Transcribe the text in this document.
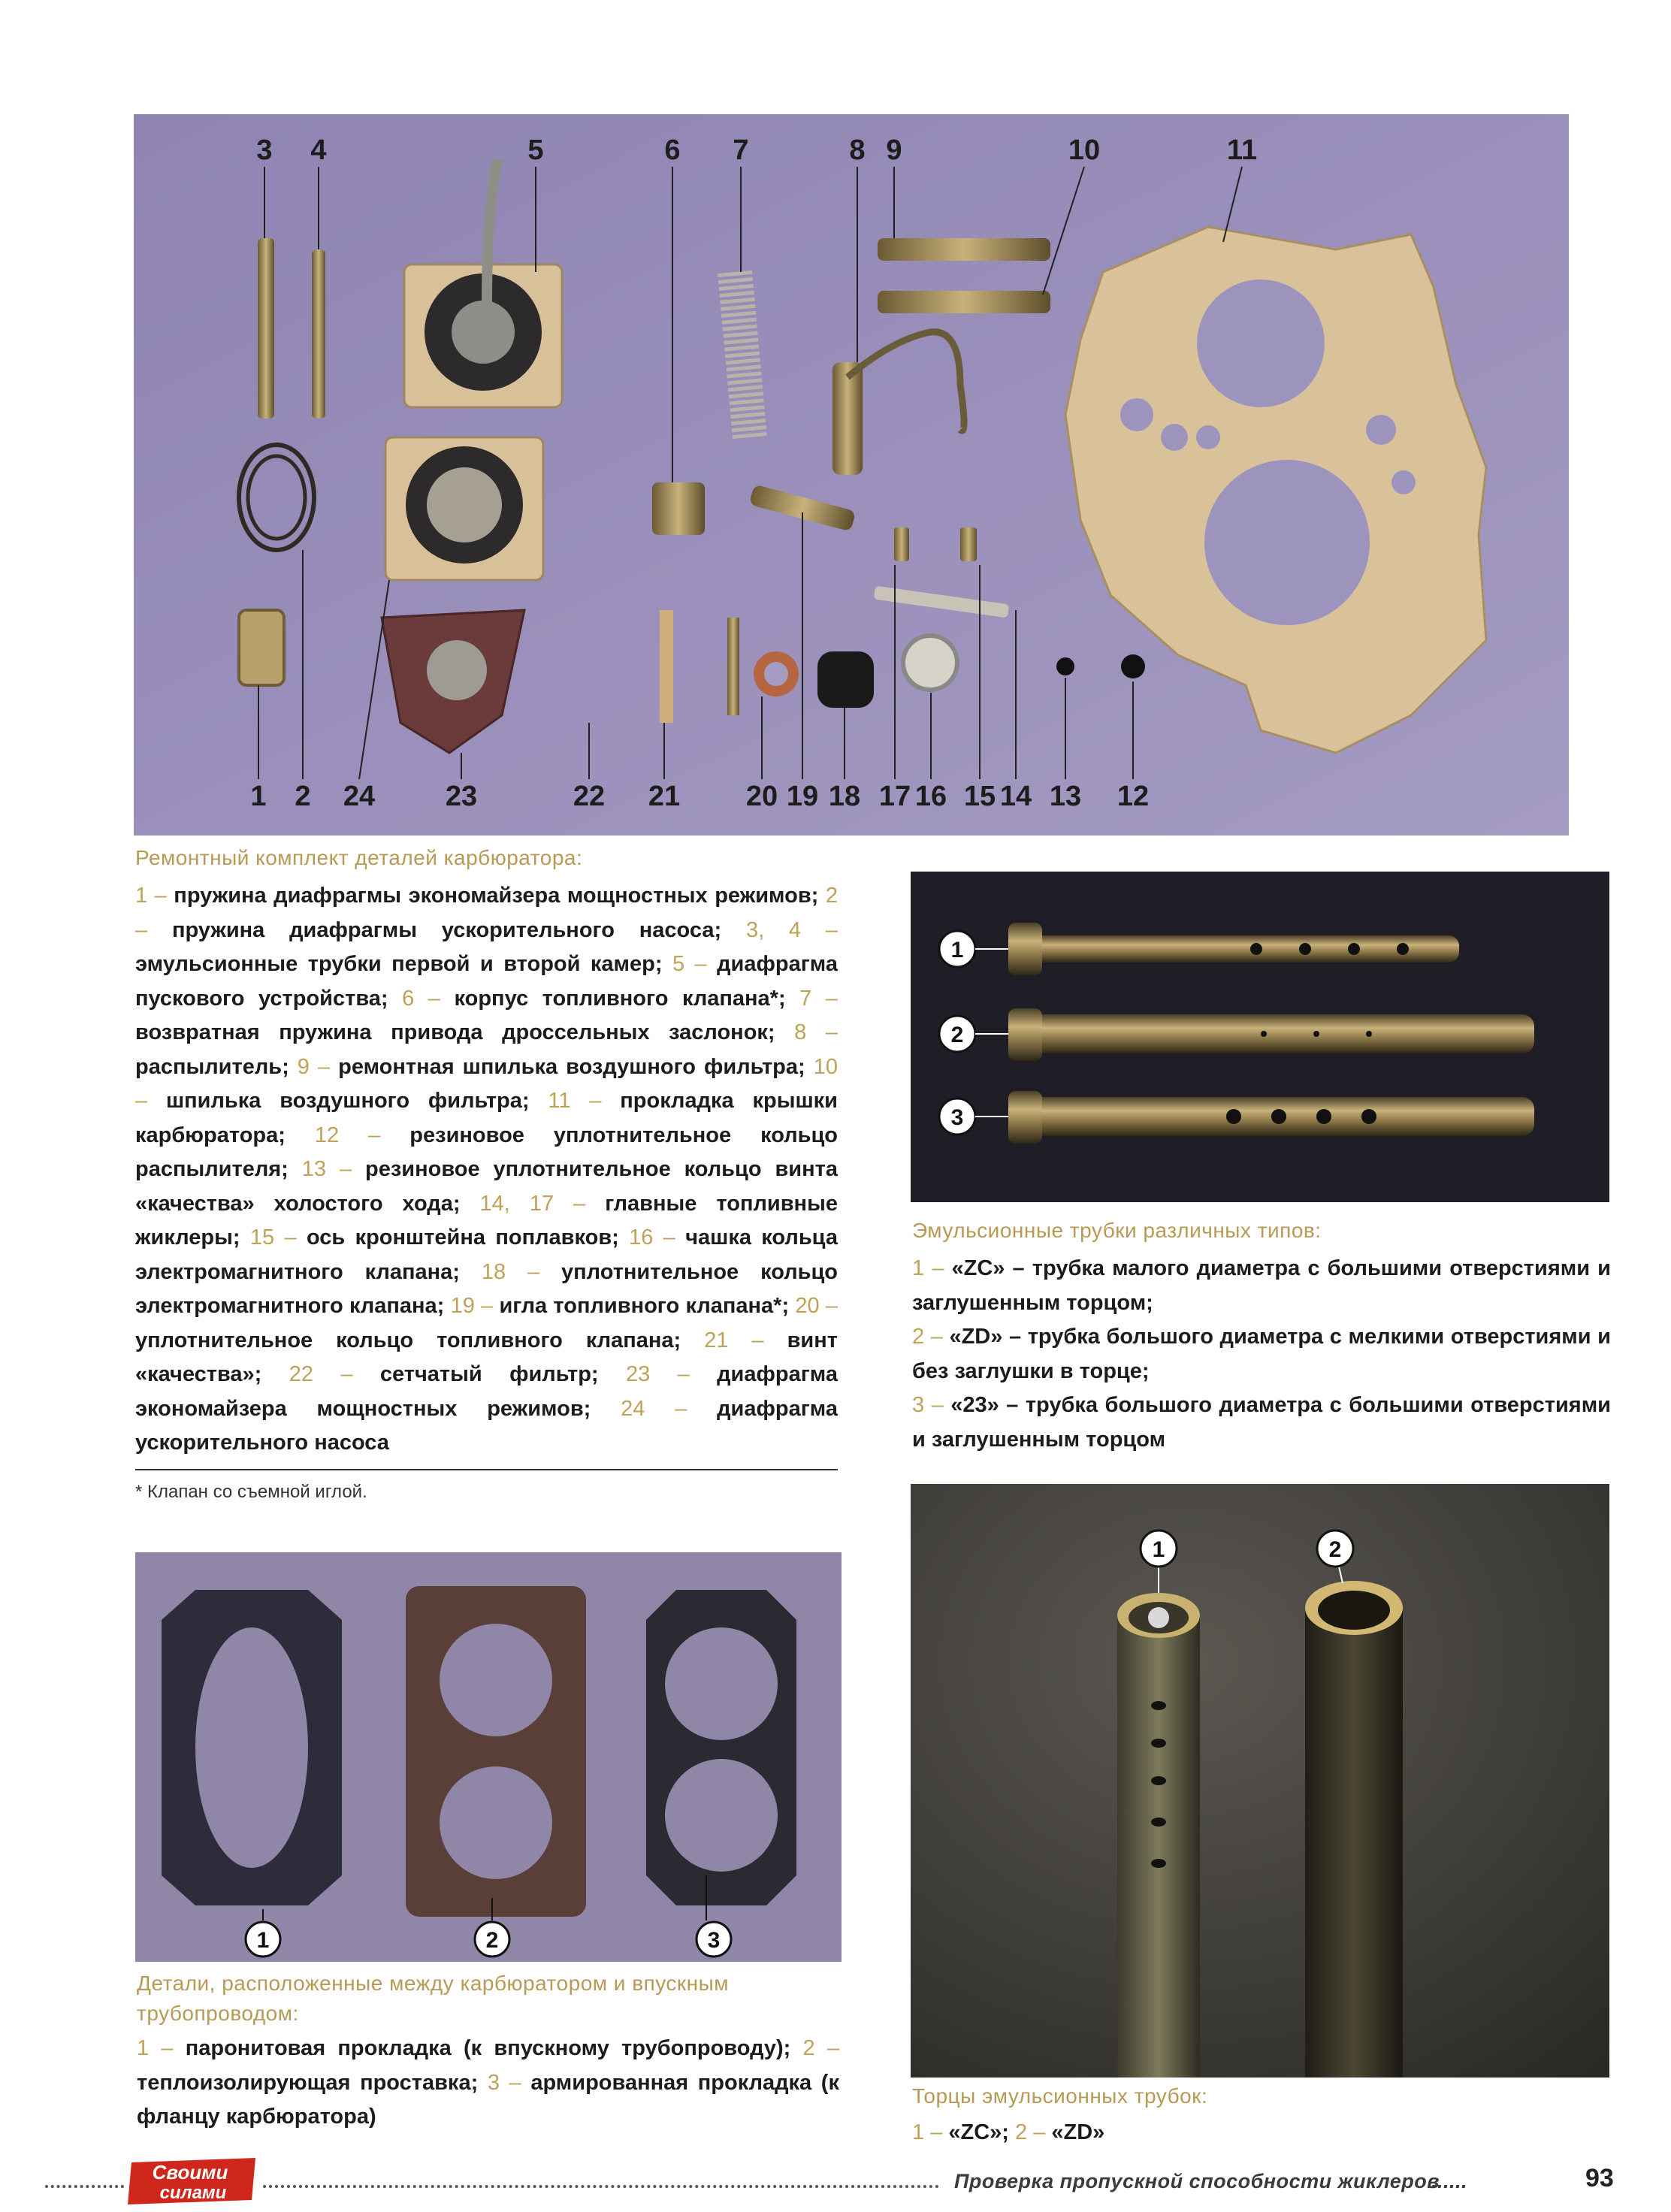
3 4	5	6 7	8 9	10	11
1 2 24 23	22 21 20 19 18 17 16 15 14 13 12
Ремонтный комплект деталей карбюратора:
1 – пружина диафрагмы экономайзера мощностных режимов; 2 – пружина диафрагмы ускорительного насоса; 3, 4 – эмульсионные трубки первой и второй камер; 5 – диафрагма пускового устройства; 6 – корпус топливного клапана*; 7 – возвратная пружина привода дроссельных заслонок; 8 – распылитель; 9 – ремонтная шпилька воздушного фильтра; 10 – шпилька воздушного фильтра; 11 – прокладка крышки карбюратора; 12 – резиновое уплотнительное кольцо распылителя; 13 – резиновое уплотнительное кольцо винта «качества» холостого хода; 14, 17 – главные топливные жиклеры; 15 – ось кронштейна поплавков; 16 – чашка кольца электромагнитного клапана; 18 – уплотнительное кольцо электромагнитного клапана; 19 – игла топливного клапана*; 20 – уплотнительное кольцо топливного клапана; 21 – винт «качества»; 22 – сетчатый фильтр; 23 – диафрагма экономайзера мощностных режимов; 24 – диафрагма ускорительного насоса
* Клапан со съемной иглой.
1
2
3
Эмульсионные трубки различных типов:
1 – «ZC» – трубка малого диаметра с большими отверстиями и заглушенным торцом;
2 – «ZD» – трубка большого диаметра с мелкими отверстиями и без заглушки в торце;
3 – «23» – трубка большого диаметра с большими отверстиями и заглушенным торцом
1	2	3
Детали, расположенные между карбюратором и впускным трубопроводом:
1 – паронитовая прокладка (к впускному трубопроводу); 2 – теплоизолирующая проставка; 3 – армированная прокладка (к фланцу карбюратора)
1	2
Торцы эмульсионных трубок:
1 – «ZC»; 2 – «ZD»
Своими
силами
Проверка пропускной способности жиклеров
......	93
